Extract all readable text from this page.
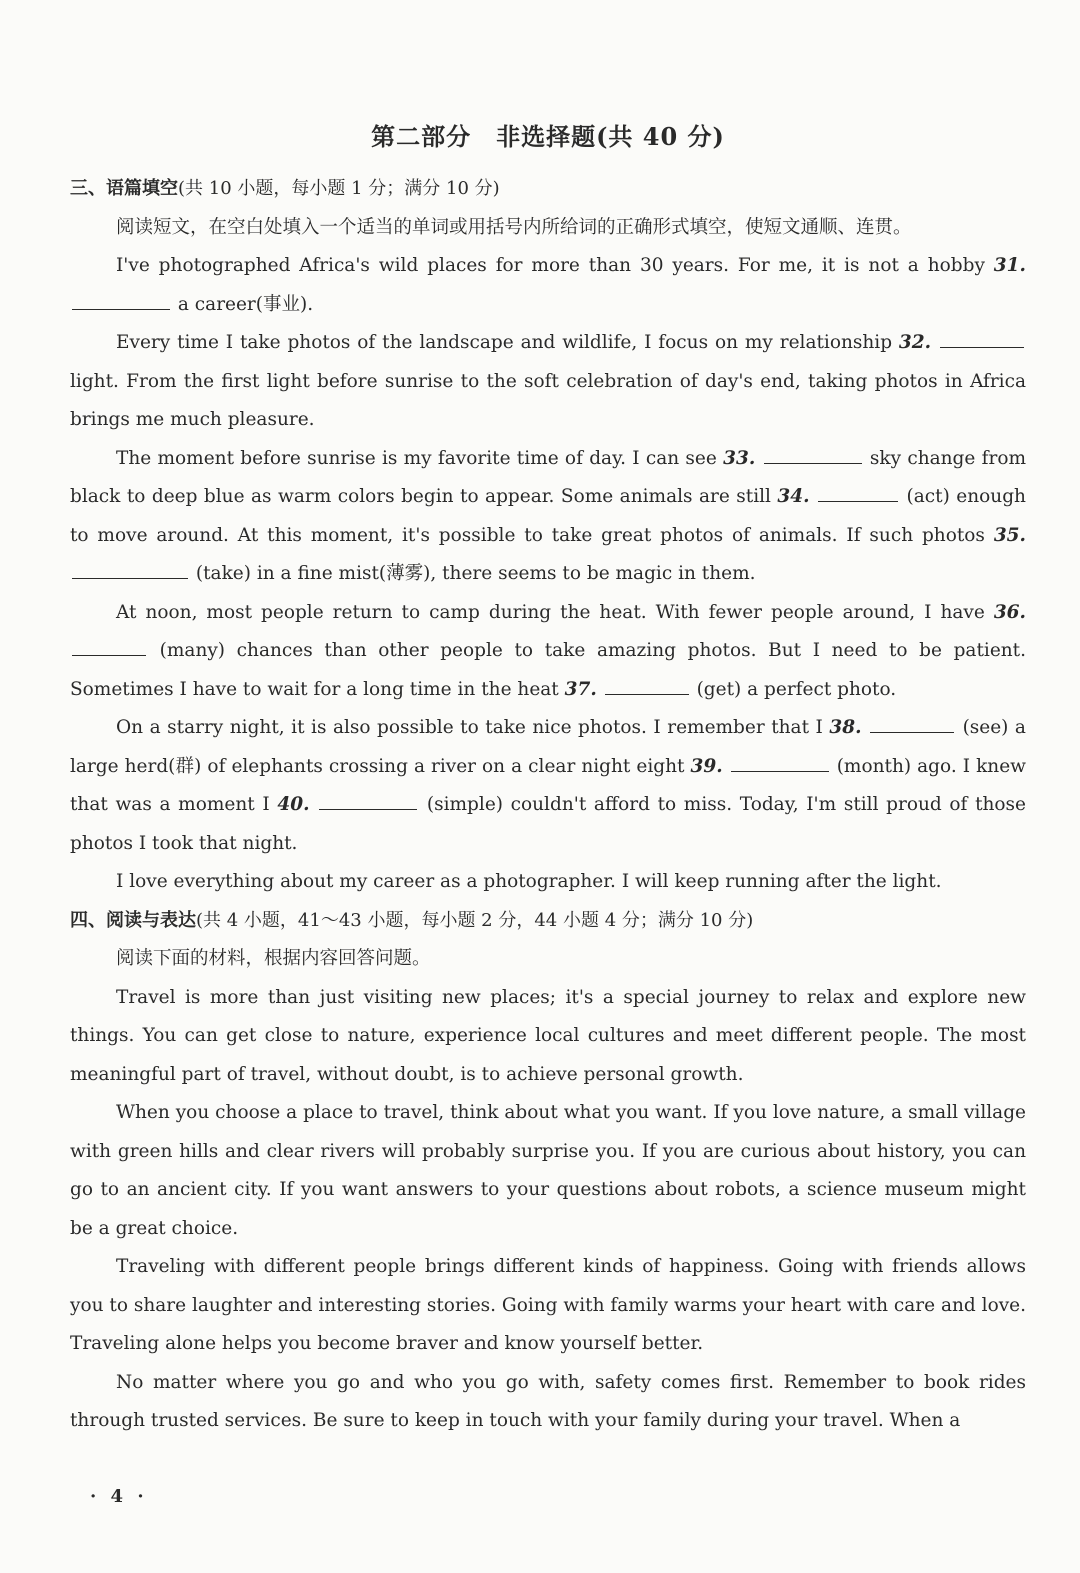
第二部分　非选择题(共 40 分)
三、语篇填空(共 10 小题，每小题 1 分；满分 10 分)

阅读短文，在空白处填入一个适当的单词或用括号内所给词的正确形式填空，使短文通顺、连贯。

I've photographed Africa's wild places for more than 30 years. For me, it is not a hobby 31.  a career(事业).

Every time I take photos of the landscape and wildlife, I focus on my relationship 32.  light. From the first light before sunrise to the soft celebration of day's end, taking photos in Africa brings me much pleasure.

The moment before sunrise is my favorite time of day. I can see 33.	sky change from black to deep blue as warm colors begin to appear. Some animals are still 34.	(act) enough to move around. At this moment, it's possible to take great photos of animals. If such photos 35.  (take) in a fine mist(薄雾), there seems to be magic in them.

At noon, most people return to camp during the heat. With fewer people around, I have 36.  (many) chances than other people to take amazing photos. But I need to be patient. Sometimes I have to wait for a long time in the heat 37.	(get) a perfect photo.

On a starry night, it is also possible to take nice photos. I remember that I 38.	(see) a large herd(群) of elephants crossing a river on a clear night eight 39.	(month) ago. I knew that was a moment I 40.	(simple) couldn't afford to miss. Today, I'm still proud of those photos I took that night.

I love everything about my career as a photographer. I will keep running after the light.

四、阅读与表达(共 4 小题，41～43 小题，每小题 2 分，44 小题 4 分；满分 10 分)

阅读下面的材料，根据内容回答问题。

Travel is more than just visiting new places; it's a special journey to relax and explore new things. You can get close to nature, experience local cultures and meet different people. The most meaningful part of travel, without doubt, is to achieve personal growth.

When you choose a place to travel, think about what you want. If you love nature, a small village with green hills and clear rivers will probably surprise you. If you are curious about history, you can go to an ancient city. If you want answers to your questions about robots, a science museum might be a great choice.

Traveling with different people brings different kinds of happiness. Going with friends allows you to share laughter and interesting stories. Going with family warms your heart with care and love. Traveling alone helps you become braver and know yourself better.

No matter where you go and who you go with, safety comes first. Remember to book rides through trusted services. Be sure to keep in touch with your family during your travel. When a

· 4 ·
